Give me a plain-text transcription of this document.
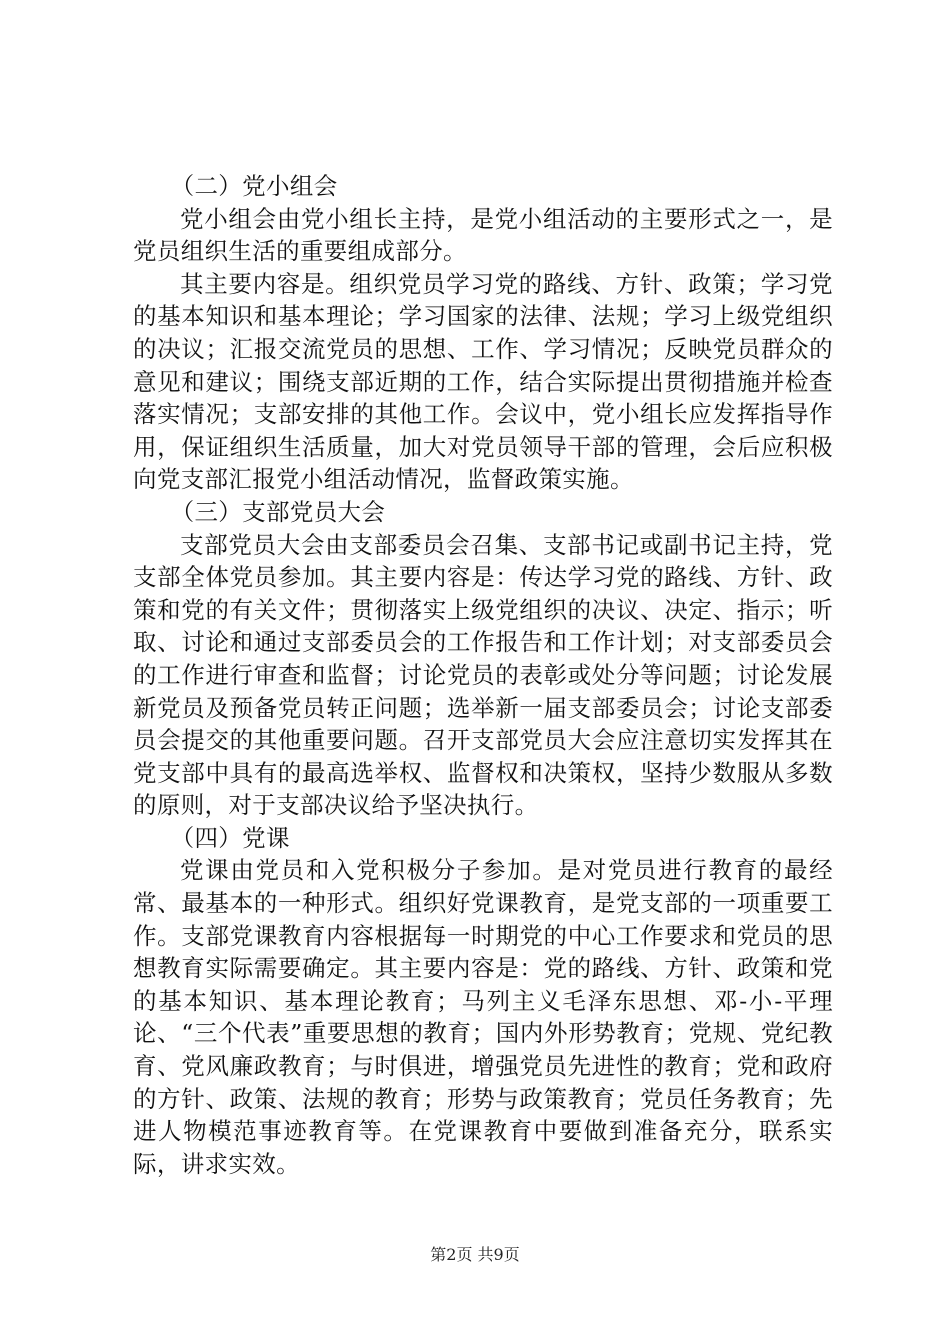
（二）党小组会

党小组会由党小组长主持，是党小组活动的主要形式之一，是党员组织生活的重要组成部分。

其主要内容是。组织党员学习党的路线、方针、政策；学习党的基本知识和基本理论；学习国家的法律、法规；学习上级党组织的决议；汇报交流党员的思想、工作、学习情况；反映党员群众的意见和建议；围绕支部近期的工作，结合实际提出贯彻措施并检查落实情况；支部安排的其他工作。会议中，党小组长应发挥指导作用，保证组织生活质量，加大对党员领导干部的管理，会后应积极向党支部汇报党小组活动情况，监督政策实施。

（三）支部党员大会

支部党员大会由支部委员会召集、支部书记或副书记主持，党支部全体党员参加。其主要内容是：传达学习党的路线、方针、政策和党的有关文件；贯彻落实上级党组织的决议、决定、指示；听取、讨论和通过支部委员会的工作报告和工作计划；对支部委员会的工作进行审查和监督；讨论党员的表彰或处分等问题；讨论发展新党员及预备党员转正问题；选举新一届支部委员会；讨论支部委员会提交的其他重要问题。召开支部党员大会应注意切实发挥其在党支部中具有的最高选举权、监督权和决策权，坚持少数服从多数的原则，对于支部决议给予坚决执行。

（四）党课

党课由党员和入党积极分子参加。是对党员进行教育的最经常、最基本的一种形式。组织好党课教育，是党支部的一项重要工作。支部党课教育内容根据每一时期党的中心工作要求和党员的思想教育实际需要确定。其主要内容是：党的路线、方针、政策和党的基本知识、基本理论教育；马列主义毛泽东思想、邓-小-平理论、“三个代表”重要思想的教育；国内外形势教育；党规、党纪教育、党风廉政教育；与时俱进，增强党员先进性的教育；党和政府的方针、政策、法规的教育；形势与政策教育；党员任务教育；先进人物模范事迹教育等。在党课教育中要做到准备充分，联系实际，讲求实效。

第2页 共9页
